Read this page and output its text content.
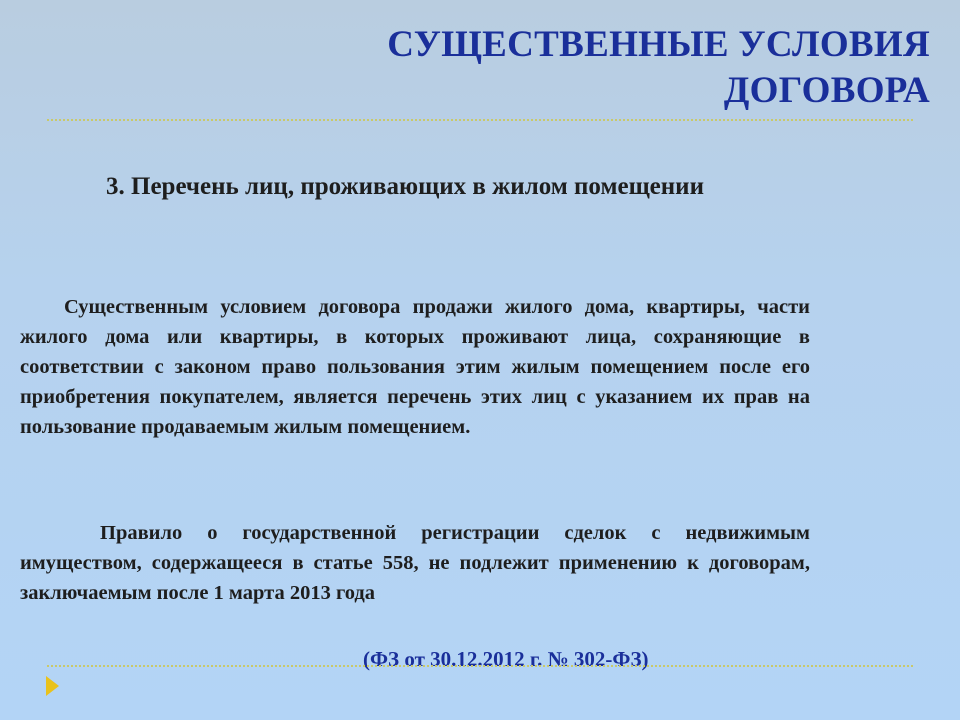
СУЩЕСТВЕННЫЕ УСЛОВИЯ
ДОГОВОРА
3. Перечень лиц, проживающих в жилом помещении
Существенным условием договора продажи жилого дома, квартиры, части жилого дома или квартиры, в которых проживают лица, сохраняющие в соответствии с законом право пользования этим жилым помещением после его приобретения покупателем, является перечень этих лиц с указанием их прав на пользование продаваемым жилым помещением.
Правило о государственной регистрации сделок с недвижимым имуществом, содержащееся в статье 558, не подлежит применению к договорам, заключаемым после 1 марта 2013 года
(ФЗ от 30.12.2012 г. № 302-ФЗ)
